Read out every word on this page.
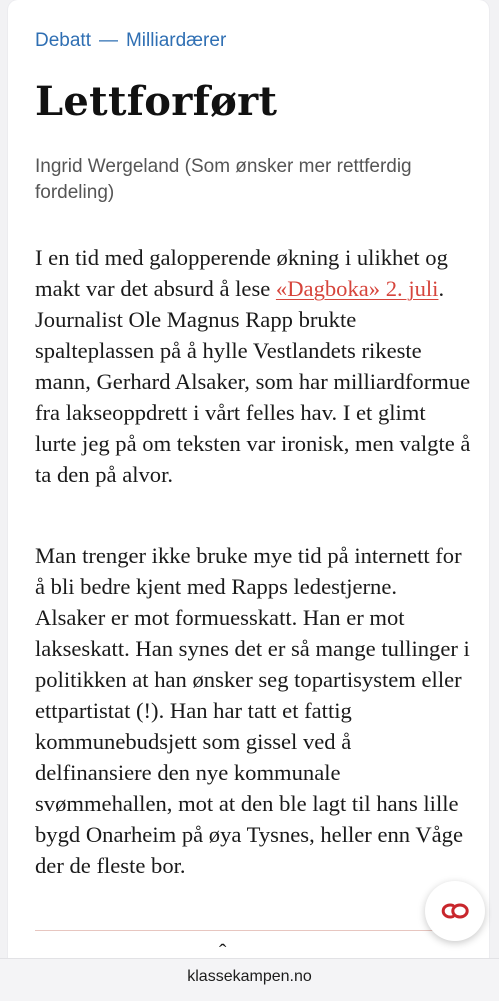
Debatt — Milliardærer
Lettforført
Ingrid Wergeland (Som ønsker mer rettferdig fordeling)

I en tid med galopperende økning i ulikhet og makt var det absurd å lese «Dagboka» 2. juli. Journalist Ole Magnus Rapp brukte spalteplassen på å hylle Vestlandets rikeste mann, Gerhard Alsaker, som har milliardformue fra lakseoppdrett i vårt felles hav. I et glimt lurte jeg på om teksten var ironisk, men valgte å ta den på alvor.

Man trenger ikke bruke mye tid på internett for å bli bedre kjent med Rapps ledestjerne. Alsaker er mot formuesskatt. Han er mot lakseskatt. Han synes det er så mange tullinger i politikken at han ønsker seg topartisystem eller ettpartistat (!). Han har tatt et fattig kommunebudsjett som gissel ved å delfinansiere den nye kommunale svømmehallen, mot at den ble lagt til hans lille bygd Onarheim på øya Tysnes, heller enn Våge der de fleste bor.

ˆ
klassekampen.no
